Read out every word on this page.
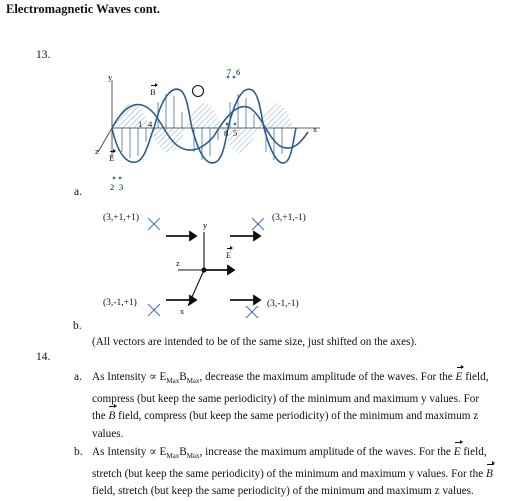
Electromagnetic Waves cont.
13.
y
x
z
B
E
1 4
7 6
8 5
2 3
a.
(3,+1,+1)	(3,+1,-1)
(3,-1,+1)	(3,-1,-1)
y
z
x
E
b.
(All vectors are intended to be of the same size, just shifted on the axes).
14.
a. As Intensity ∝ $E_{Max}B_{Max}$, decrease the maximum amplitude of the waves. For the E field,
compress (but keep the same periodicity) of the minimum and maximum y values. For
the B field, compress (but keep the same periodicity) of the minimum and maximum z
values.
b. As Intensity ∝ $E_{Max}B_{Max}$, increase the maximum amplitude of the waves. For the E field,
stretch (but keep the same periodicity) of the minimum and maximum y values. For the B
field, stretch (but keep the same periodicity) of the minimum and maximum z values.
